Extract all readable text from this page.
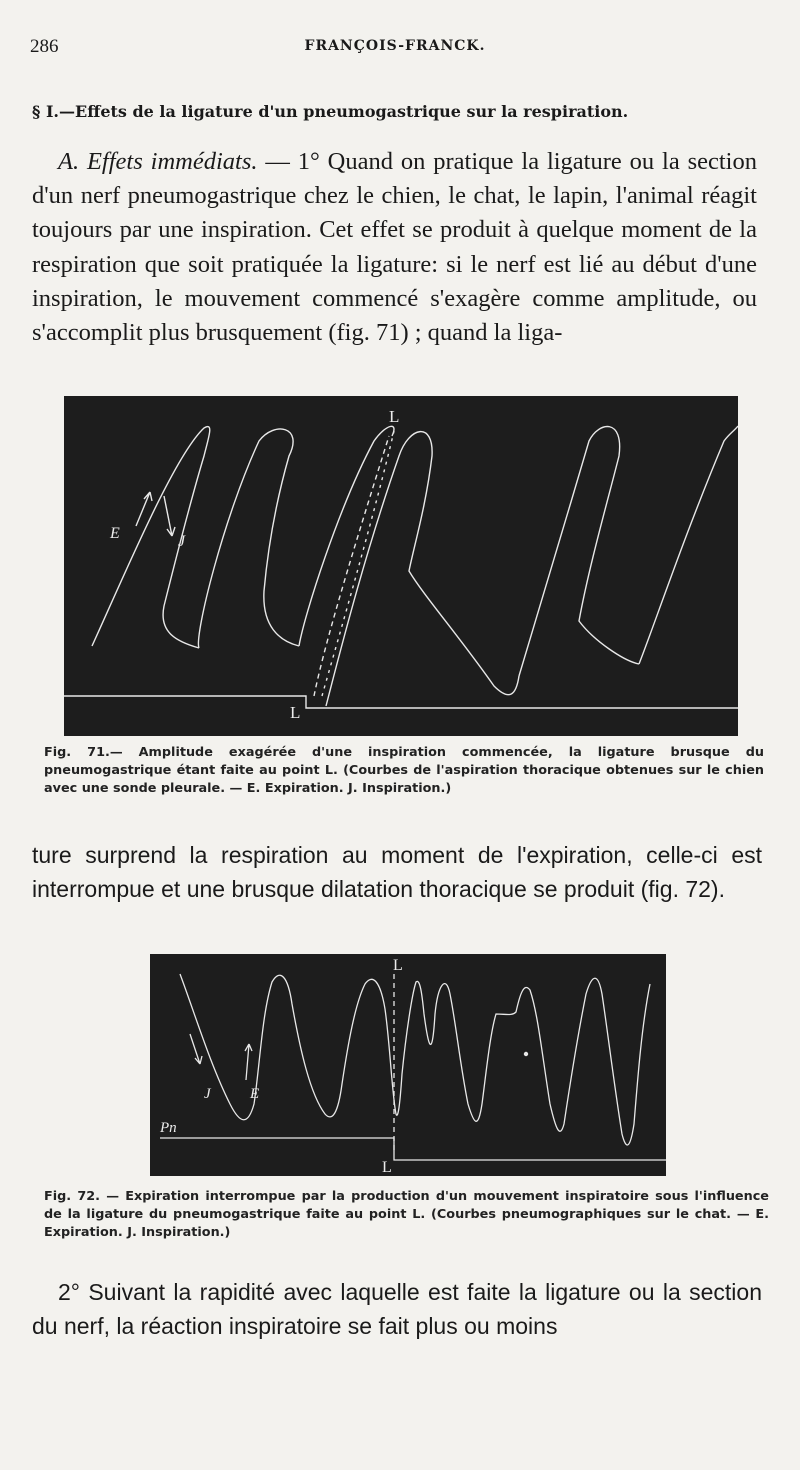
286	FRANÇOIS-FRANCK.
§ I.—Effets de la ligature d'un pneumogastrique sur la respiration.

A. Effets immédiats. — 1° Quand on pratique la ligature ou la section d'un nerf pneumogastrique chez le chien, le chat, le lapin, l'animal réagit toujours par une inspiration. Cet effet se produit à quelque moment de la respiration que soit pratiquée la ligature: si le nerf est lié au début d'une inspiration, le mouvement commencé s'exagère comme amplitude, ou s'accomplit plus brusquement (fig. 71) ; quand la liga-

L
L
E	J

Fig. 71.— Amplitude exagérée d'une inspiration commencée, la ligature brusque du pneumogastrique étant faite au point L. (Courbes de l'aspiration thoracique obtenues sur le chien avec une sonde pleurale. — E. Expiration. J. Inspiration.)

ture surprend la respiration au moment de l'expiration, celle-ci est interrompue et une brusque dilatation thoracique se produit (fig. 72).

L
L
J	E
Pn

Fig. 72. — Expiration interrompue par la production d'un mouvement inspiratoire sous l'influence de la ligature du pneumogastrique faite au point L. (Courbes pneumographiques sur le chat. — E. Expiration. J. Inspiration.)

2° Suivant la rapidité avec laquelle est faite la ligature ou la section du nerf, la réaction inspiratoire se fait plus ou moins
